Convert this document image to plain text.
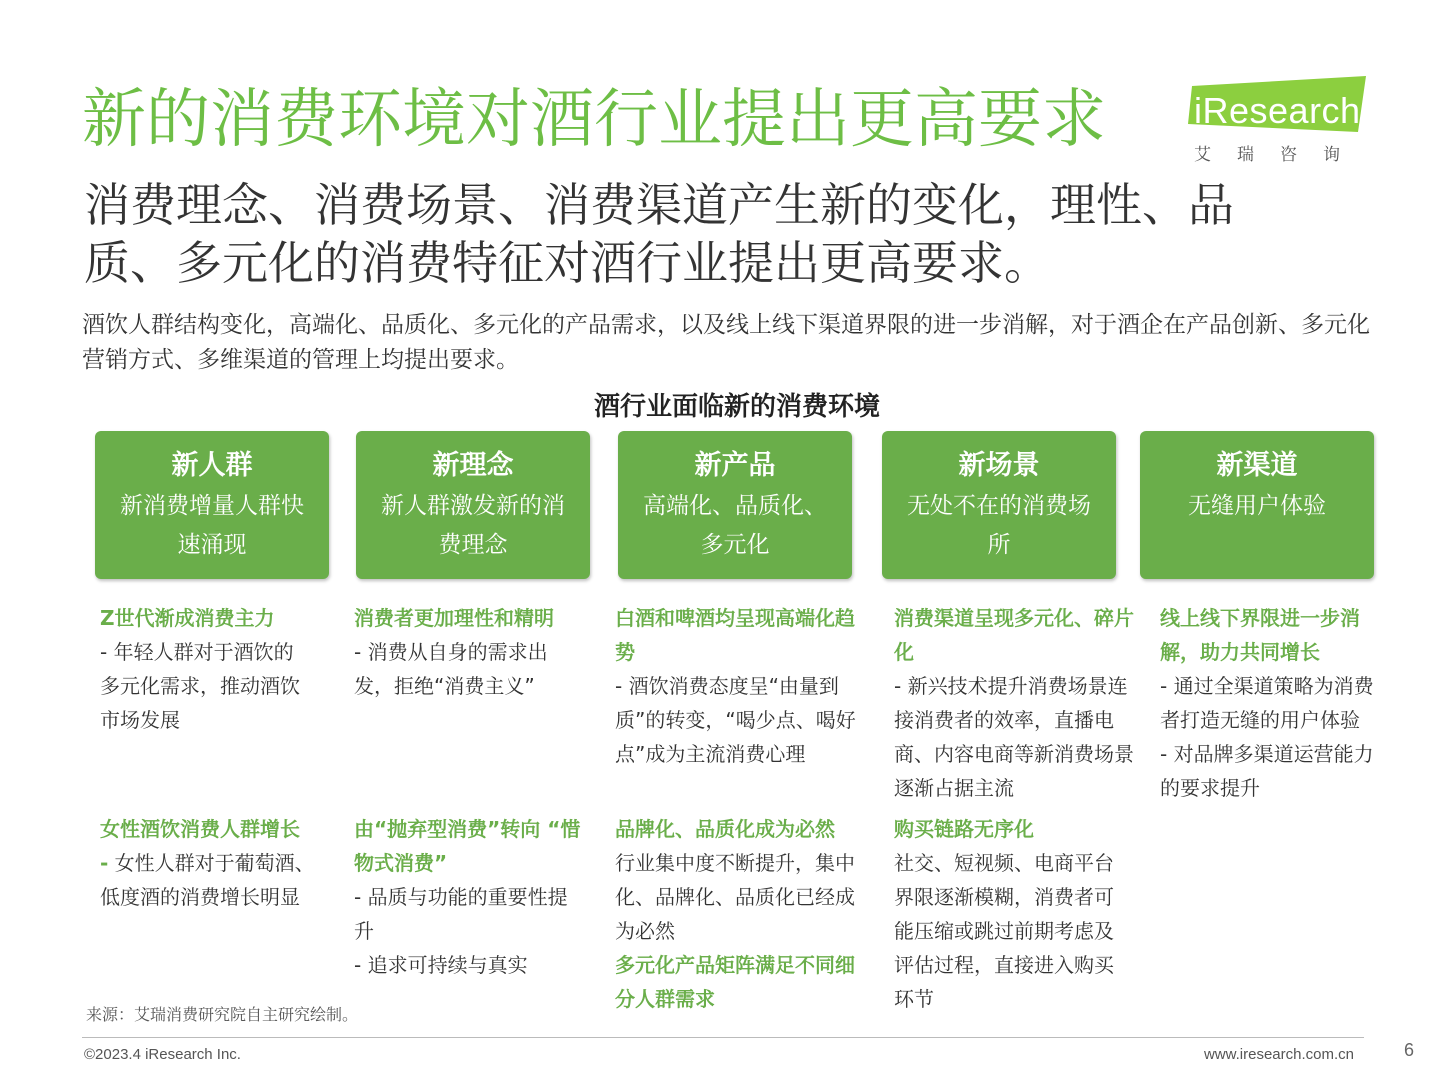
新的消费环境对酒行业提出更高要求 iResearch
艾瑞咨询
消费理念、消费场景、消费渠道产生新的变化，理性、品质、多元化的消费特征对酒行业提出更高要求。
酒饮人群结构变化，高端化、品质化、多元化的产品需求，以及线上线下渠道界限的进一步消解，对于酒企在产品创新、多元化营销方式、多维渠道的管理上均提出要求。
酒行业面临新的消费环境
新人群
新消费增量人群快速涌现
新理念
新人群激发新的消费理念
新产品
高端化、品质化、多元化
新场景
无处不在的消费场所
新渠道
无缝用户体验
Z世代渐成消费主力
- 年轻人群对于酒饮的多元化需求，推动酒饮市场发展
女性酒饮消费人群增长
- 女性人群对于葡萄酒、低度酒的消费增长明显
消费者更加理性和精明
- 消费从自身的需求出发，拒绝“消费主义”
由“抛弃型消费”转向 “惜物式消费”
- 品质与功能的重要性提升
- 追求可持续与真实
白酒和啤酒均呈现高端化趋势
- 酒饮消费态度呈“由量到质”的转变，“喝少点、喝好点”成为主流消费心理
品牌化、品质化成为必然
行业集中度不断提升，集中化、品牌化、品质化已经成为必然
多元化产品矩阵满足不同细分人群需求
消费渠道呈现多元化、碎片化
- 新兴技术提升消费场景连接消费者的效率，直播电商、内容电商等新消费场景逐渐占据主流
购买链路无序化
社交、短视频、电商平台界限逐渐模糊，消费者可能压缩或跳过前期考虑及评估过程，直接进入购买环节
线上线下界限进一步消解，助力共同增长
- 通过全渠道策略为消费者打造无缝的用户体验
- 对品牌多渠道运营能力的要求提升
来源：艾瑞消费研究院自主研究绘制。
©2023.4 iResearch Inc.	www.iresearch.com.cn	6
